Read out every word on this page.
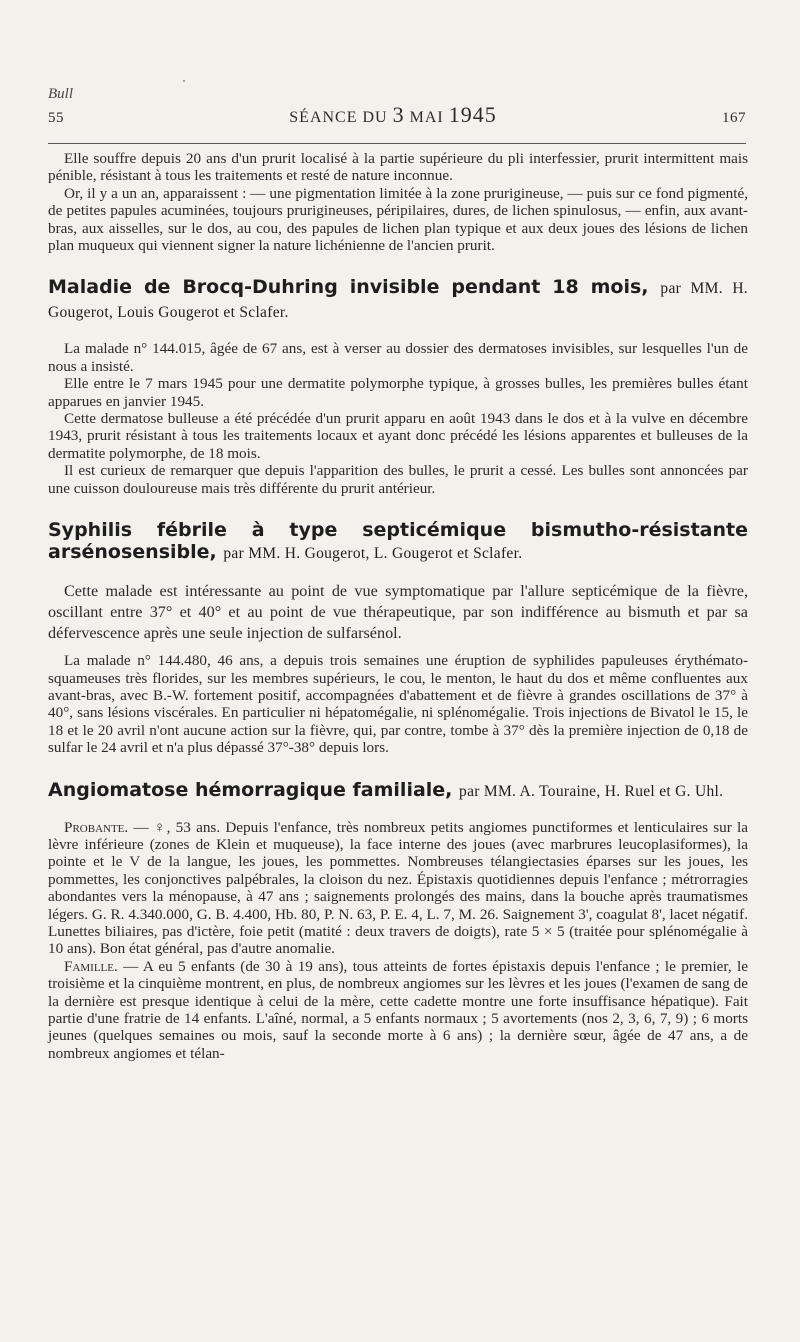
Bull
55	SÉANCE DU 3 MAI 1945	167

Elle souffre depuis 20 ans d'un prurit localisé à la partie supérieure du pli interfessier, prurit intermittent mais pénible, résistant à tous les traitements et resté de nature inconnue.

Or, il y a un an, apparaissent : — une pigmentation limitée à la zone prurigineuse, — puis sur ce fond pigmenté, de petites papules acuminées, toujours prurigineuses, péripilaires, dures, de lichen spinulosus, — enfin, aux avant-bras, aux aisselles, sur le dos, au cou, des papules de lichen plan typique et aux deux joues des lésions de lichen plan muqueux qui viennent signer la nature lichénienne de l'ancien prurit.

Maladie de Brocq-Duhring invisible pendant 18 mois, par MM. H. Gougerot, Louis Gougerot et Sclafer.

La malade n° 144.015, âgée de 67 ans, est à verser au dossier des dermatoses invisibles, sur lesquelles l'un de nous a insisté.

Elle entre le 7 mars 1945 pour une dermatite polymorphe typique, à grosses bulles, les premières bulles étant apparues en janvier 1945.

Cette dermatose bulleuse a été précédée d'un prurit apparu en août 1943 dans le dos et à la vulve en décembre 1943, prurit résistant à tous les traitements locaux et ayant donc précédé les lésions apparentes et bulleuses de la dermatite polymorphe, de 18 mois.

Il est curieux de remarquer que depuis l'apparition des bulles, le prurit a cessé. Les bulles sont annoncées par une cuisson douloureuse mais très différente du prurit antérieur.

Syphilis fébrile à type septicémique bismutho-résistante arsénosensible, par MM. H. Gougerot, L. Gougerot et Sclafer.

Cette malade est intéressante au point de vue symptomatique par l'allure septicémique de la fièvre, oscillant entre 37° et 40° et au point de vue thérapeutique, par son indifférence au bismuth et par sa défervescence après une seule injection de sulfarsénol.

La malade n° 144.480, 46 ans, a depuis trois semaines une éruption de syphilides papuleuses érythémato-squameuses très florides, sur les membres supérieurs, le cou, le menton, le haut du dos et même confluentes aux avant-bras, avec B.-W. fortement positif, accompagnées d'abattement et de fièvre à grandes oscillations de 37° à 40°, sans lésions viscérales. En particulier ni hépatomégalie, ni splénomégalie. Trois injections de Bivatol le 15, le 18 et le 20 avril n'ont aucune action sur la fièvre, qui, par contre, tombe à 37° dès la première injection de 0,18 de sulfar le 24 avril et n'a plus dépassé 37°-38° depuis lors.

Angiomatose hémorragique familiale, par MM. A. Touraine, H. Ruel et G. Uhl.

Probante. — ♀, 53 ans. Depuis l'enfance, très nombreux petits angiomes punctiformes et lenticulaires sur la lèvre inférieure (zones de Klein et muqueuse), la face interne des joues (avec marbrures leucoplasiformes), la pointe et le V de la langue, les joues, les pommettes. Nombreuses télangiectasies éparses sur les joues, les pommettes, les conjonctives palpébrales, la cloison du nez. Épistaxis quotidiennes depuis l'enfance ; métrorragies abondantes vers la ménopause, à 47 ans ; saignements prolongés des mains, dans la bouche après traumatismes légers. G. R. 4.340.000, G. B. 4.400, Hb. 80, P. N. 63, P. E. 4, L. 7, M. 26. Saignement 3', coagulat 8', lacet négatif. Lunettes biliaires, pas d'ictère, foie petit (matité : deux travers de doigts), rate 5 × 5 (traitée pour splénomégalie à 10 ans). Bon état général, pas d'autre anomalie.

Famille. — A eu 5 enfants (de 30 à 19 ans), tous atteints de fortes épistaxis depuis l'enfance ; le premier, le troisième et la cinquième montrent, en plus, de nombreux angiomes sur les lèvres et les joues (l'examen de sang de la dernière est presque identique à celui de la mère, cette cadette montre une forte insuffisance hépatique). Fait partie d'une fratrie de 14 enfants. L'aîné, normal, a 5 enfants normaux ; 5 avortements (nos 2, 3, 6, 7, 9) ; 6 morts jeunes (quelques semaines ou mois, sauf la seconde morte à 6 ans) ; la dernière sœur, âgée de 47 ans, a de nombreux angiomes et télan-
